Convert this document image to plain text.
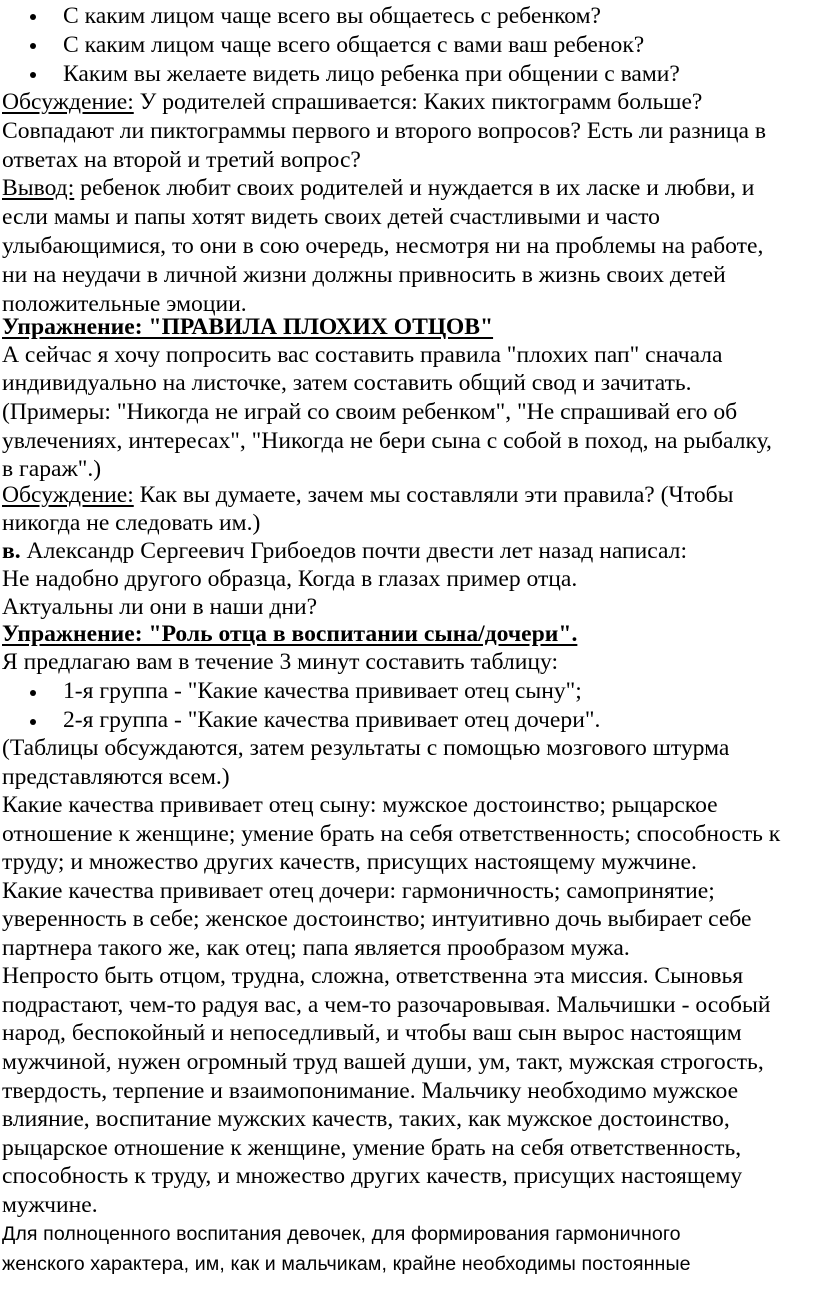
С каким лицом чаще всего вы общаетесь с ребенком?
С каким лицом чаще всего общается с вами ваш ребенок?
Каким вы желаете видеть лицо ребенка при общении с вами?
Обсуждение: У родителей спрашивается: Каких пиктограмм больше?
Совпадают ли пиктограммы первого и второго вопросов? Есть ли разница в
ответах на второй и третий вопрос?
Вывод: ребенок любит своих родителей и нуждается в их ласке и любви, и
если мамы и папы хотят видеть своих детей счастливыми и часто
улыбающимися, то они в сою очередь, несмотря ни на проблемы на работе,
ни на неудачи в личной жизни должны привносить в жизнь своих детей
положительные эмоции.
Упражнение: "ПРАВИЛА ПЛОХИХ ОТЦОВ"
А сейчас я хочу попросить вас составить правила "плохих пап" сначала
индивидуально на листочке, затем составить общий свод и зачитать.
(Примеры: "Никогда не играй со своим ребенком", "Не спрашивай его об
увлечениях, интересах", "Никогда не бери сына с собой в поход, на рыбалку,
в гараж".)
Обсуждение: Как вы думаете, зачем мы составляли эти правила? (Чтобы
никогда не следовать им.)
в. Александр Сергеевич Грибоедов почти двести лет назад написал:
Не надобно другого образца, Когда в глазах пример отца.
Актуальны ли они в наши дни?
Упражнение: "Роль отца в воспитании сына/дочери".
Я предлагаю вам в течение 3 минут составить таблицу:
1-я группа - "Какие качества прививает отец сыну";
2-я группа - "Какие качества прививает отец дочери".
(Таблицы обсуждаются, затем результаты с помощью мозгового штурма
представляются всем.)
Какие качества прививает отец сыну: мужское достоинство; рыцарское
отношение к женщине; умение брать на себя ответственность; способность к
труду; и множество других качеств, присущих настоящему мужчине.
Какие качества прививает отец дочери: гармоничность; самопринятие;
уверенность в себе; женское достоинство; интуитивно дочь выбирает себе
партнера такого же, как отец; папа является прообразом мужа.
Непросто быть отцом, трудна, сложна, ответственна эта миссия. Сыновья
подрастают, чем-то радуя вас, а чем-то разочаровывая. Мальчишки - особый
народ, беспокойный и непоседливый, и чтобы ваш сын вырос настоящим
мужчиной, нужен огромный труд вашей души, ум, такт, мужская строгость,
твердость, терпение и взаимопонимание. Мальчику необходимо мужское
влияние, воспитание мужских качеств, таких, как мужское достоинство,
рыцарское отношение к женщине, умение брать на себя ответственность,
способность к труду, и множество других качеств, присущих настоящему
мужчине.
Для полноценного воспитания девочек, для формирования гармоничного
женского характера, им, как и мальчикам, крайне необходимы постоянные
